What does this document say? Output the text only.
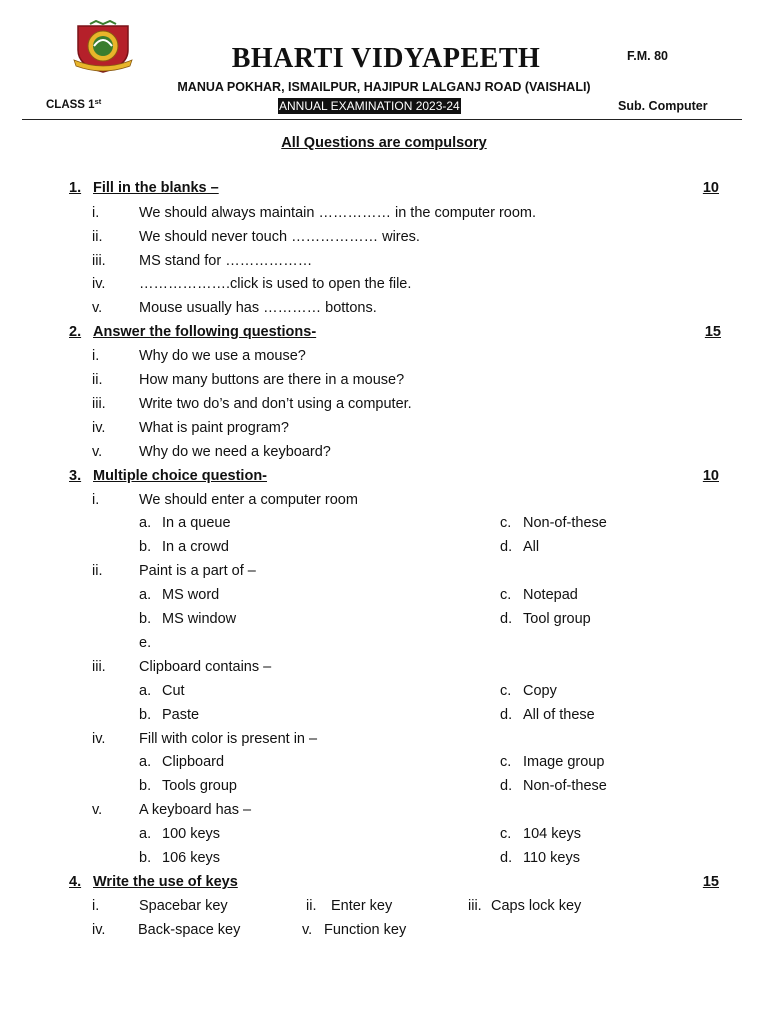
BHARTI VIDYAPEETH	F.M. 80
MANUA POKHAR, ISMAILPUR, HAJIPUR LALGANJ ROAD (VAISHALI)
CLASS 1st	ANNUAL EXAMINATION 2023-24	Sub. Computer
All Questions are compulsory
1. Fill in the blanks –	10
i.	We should always maintain …………… in the computer room.
ii.	We should never touch ……………… wires.
iii. MS stand for ………………
iv. ……………….click is used to open the file.
v.	Mouse usually has ………… bottons.
2. Answer the following questions-	15
i.	Why do we use a mouse?
ii.	How many buttons are there in a mouse?
iii. Write two do’s and don’t using a computer.
iv. What is paint program?
v.	Why do we need a keyboard?
3. Multiple choice question-	10
i.	We should enter a computer room
a. In a queue	c. Non-of-these
b. In a crowd	d. All
ii.	Paint is a part of –
a. MS word	c. Notepad
b. MS window	d. Tool group
e.
iii. Clipboard contains –
a. Cut	c. Copy
b. Paste	d. All of these
iv. Fill with color is present in –
a. Clipboard	c. Image group
b. Tools group	d. Non-of-these
v.	A keyboard has –
a. 100 keys	c. 104 keys
b. 106 keys	d. 110 keys
4. Write the use of keys	15
i.	Spacebar key	ii. Enter key	iii. Caps lock key
iv. Back-space key	v. Function key
